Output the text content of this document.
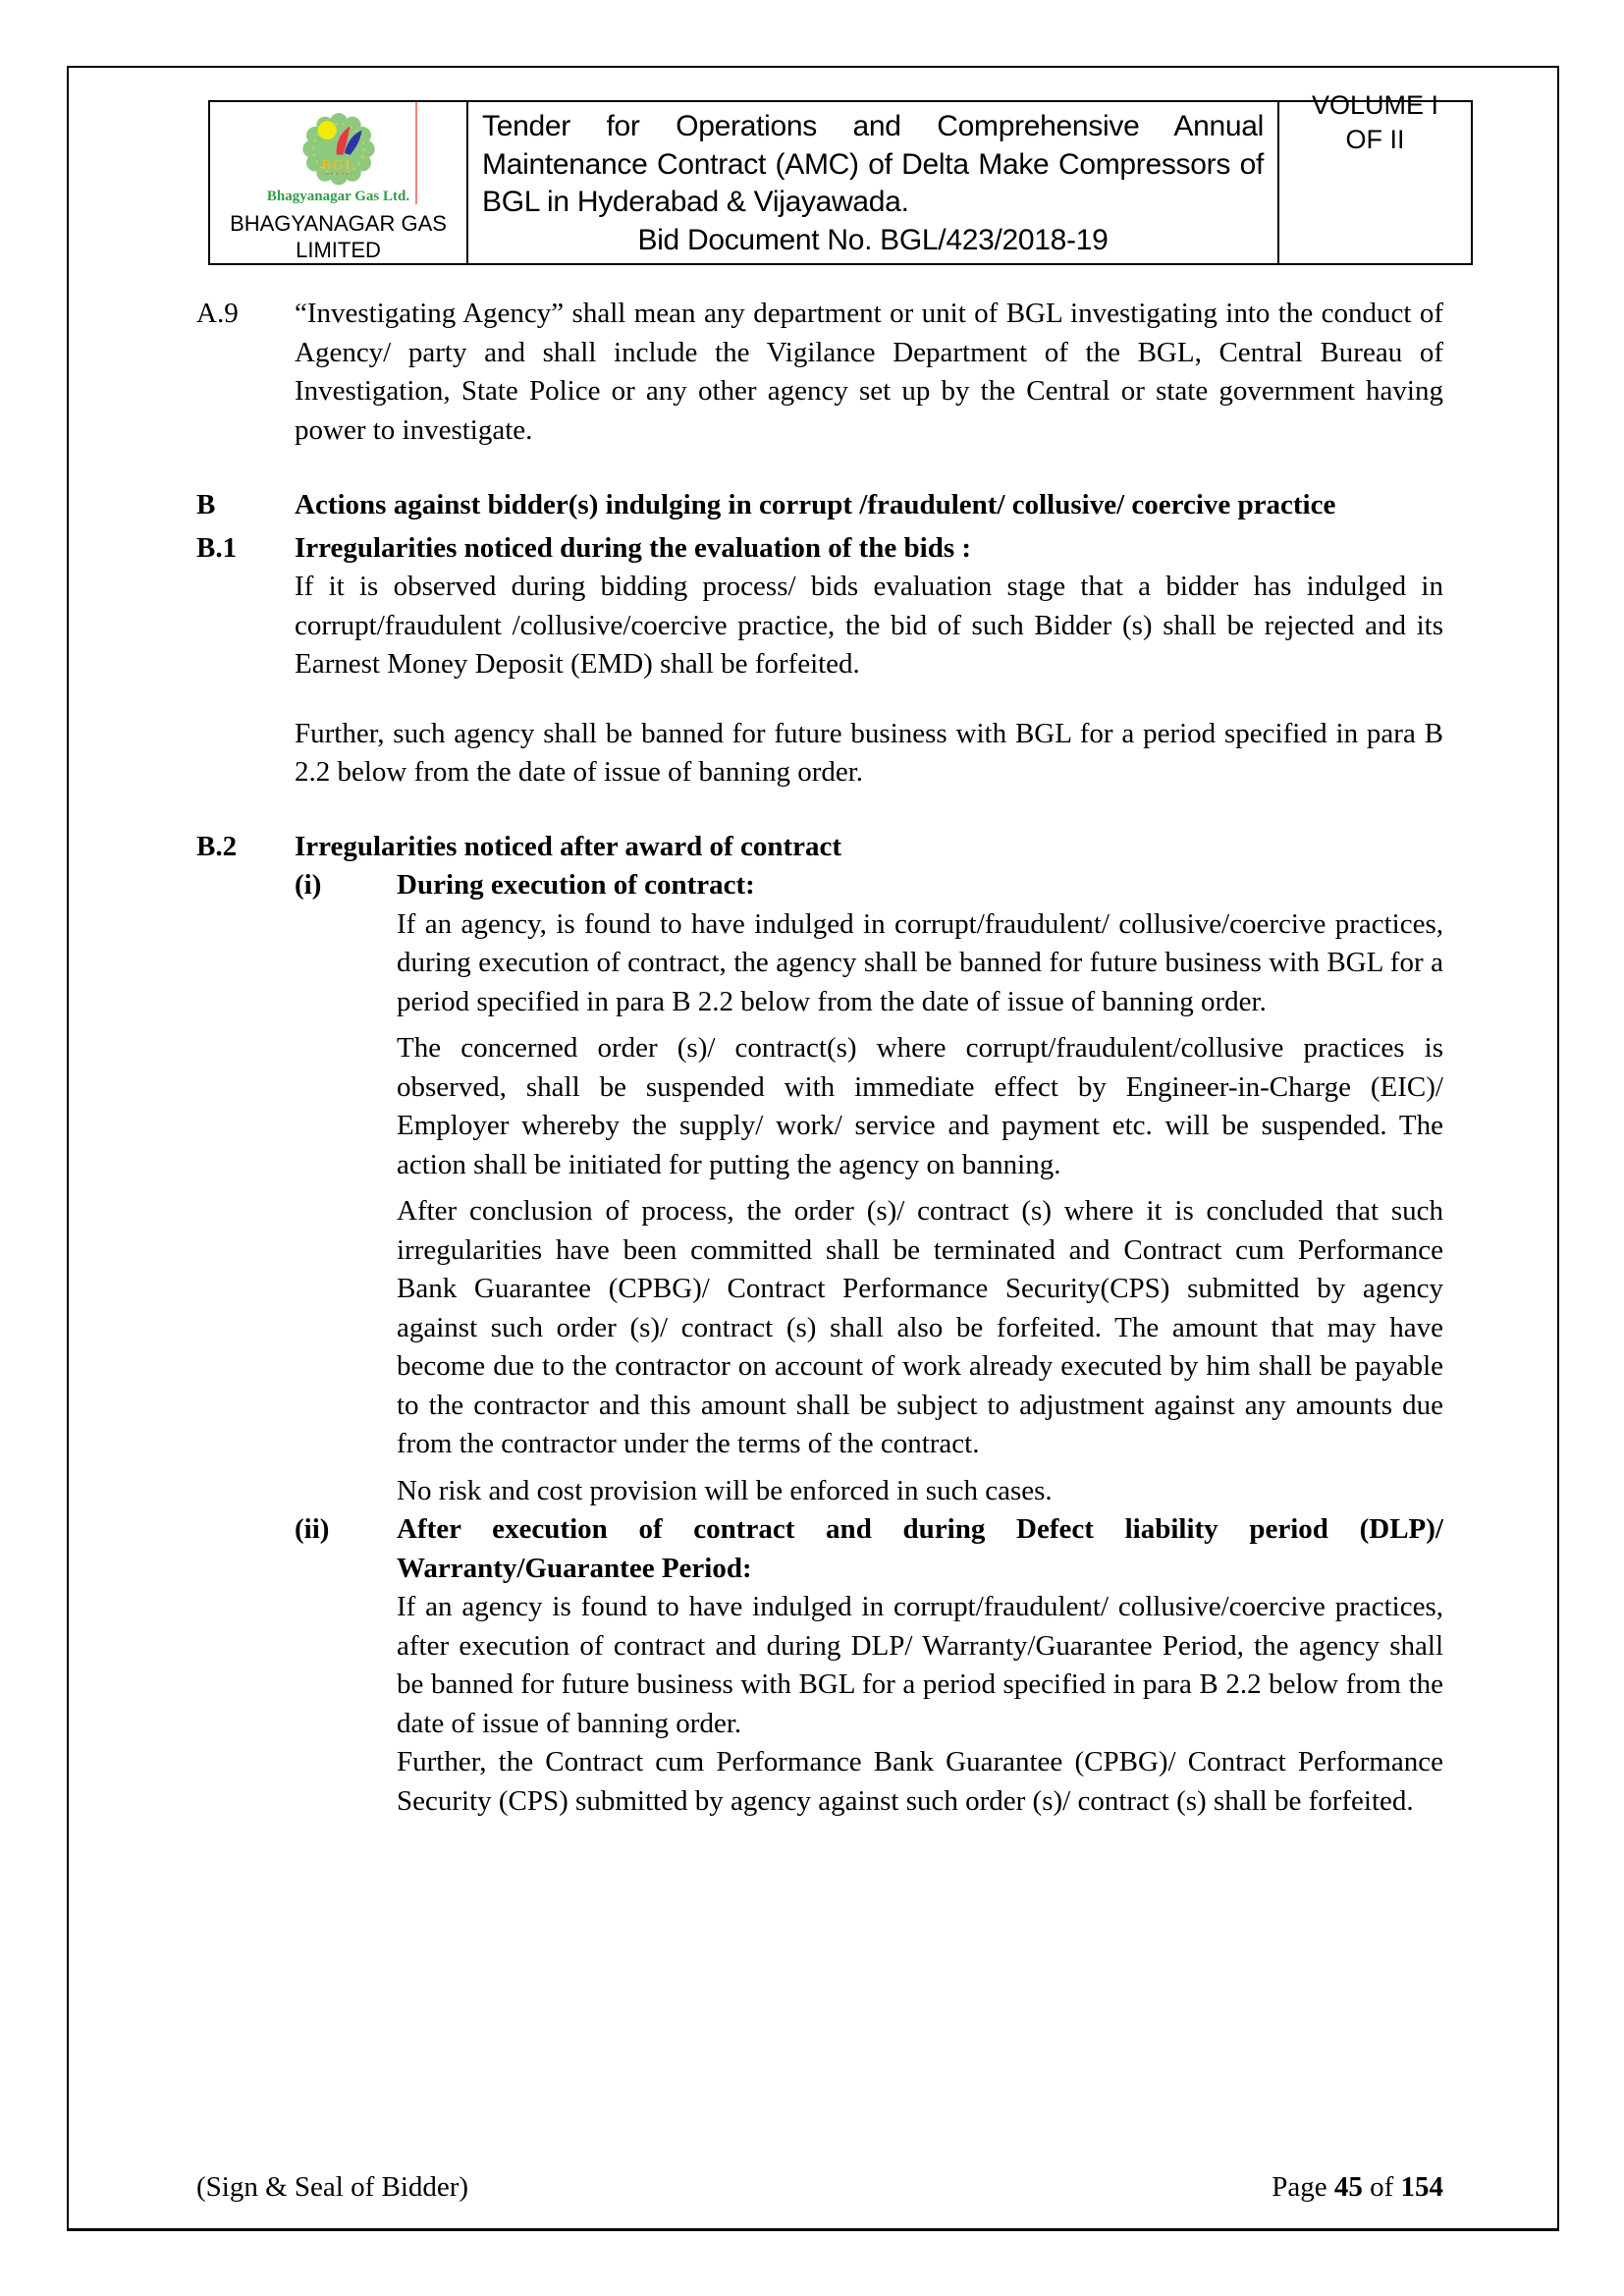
BGL
Bhagyanagar Gas Ltd.
BHAGYANAGAR GAS
LIMITED

Tender for Operations and Comprehensive Annual Maintenance Contract (AMC) of Delta Make Compressors of BGL in Hyderabad & Vijayawada.
Bid Document No. BGL/423/2018-19

VOLUME I
OF II
A.9	“Investigating Agency” shall mean any department or unit of BGL investigating into the conduct of Agency/ party and shall include the Vigilance Department of the BGL, Central Bureau of Investigation, State Police or any other agency set up by the Central or state government having power to investigate.
B	Actions against bidder(s) indulging in corrupt /fraudulent/ collusive/ coercive practice
B.1	Irregularities noticed during the evaluation of the bids :
If it is observed during bidding process/ bids evaluation stage that a bidder has indulged in corrupt/fraudulent /collusive/coercive practice, the bid of such Bidder (s) shall be rejected and its Earnest Money Deposit (EMD) shall be forfeited.
Further, such agency shall be banned for future business with BGL for a period specified in para B 2.2 below from the date of issue of banning order.
B.2	Irregularities noticed after award of contract
(i)	During execution of contract:
If an agency, is found to have indulged in corrupt/fraudulent/ collusive/coercive practices, during execution of contract, the agency shall be banned for future business with BGL for a period specified in para B 2.2 below from the date of issue of banning order.
The concerned order (s)/ contract(s) where corrupt/fraudulent/collusive practices is observed, shall be suspended with immediate effect by Engineer-in-Charge (EIC)/ Employer whereby the supply/ work/ service and payment etc. will be suspended. The action shall be initiated for putting the agency on banning.
After conclusion of process, the order (s)/ contract (s) where it is concluded that such irregularities have been committed shall be terminated and Contract cum Performance Bank Guarantee (CPBG)/ Contract Performance Security(CPS) submitted by agency against such order (s)/ contract (s) shall also be forfeited. The amount that may have become due to the contractor on account of work already executed by him shall be payable to the contractor and this amount shall be subject to adjustment against any amounts due from the contractor under the terms of the contract.
No risk and cost provision will be enforced in such cases.
(ii)	After execution of contract and during Defect liability period (DLP)/ Warranty/Guarantee Period:
If an agency is found to have indulged in corrupt/fraudulent/ collusive/coercive practices, after execution of contract and during DLP/ Warranty/Guarantee Period, the agency shall be banned for future business with BGL for a period specified in para B 2.2 below from the date of issue of banning order.
Further, the Contract cum Performance Bank Guarantee (CPBG)/ Contract Performance Security (CPS) submitted by agency against such order (s)/ contract (s) shall be forfeited.
(Sign & Seal of Bidder)	Page 45 of 154
